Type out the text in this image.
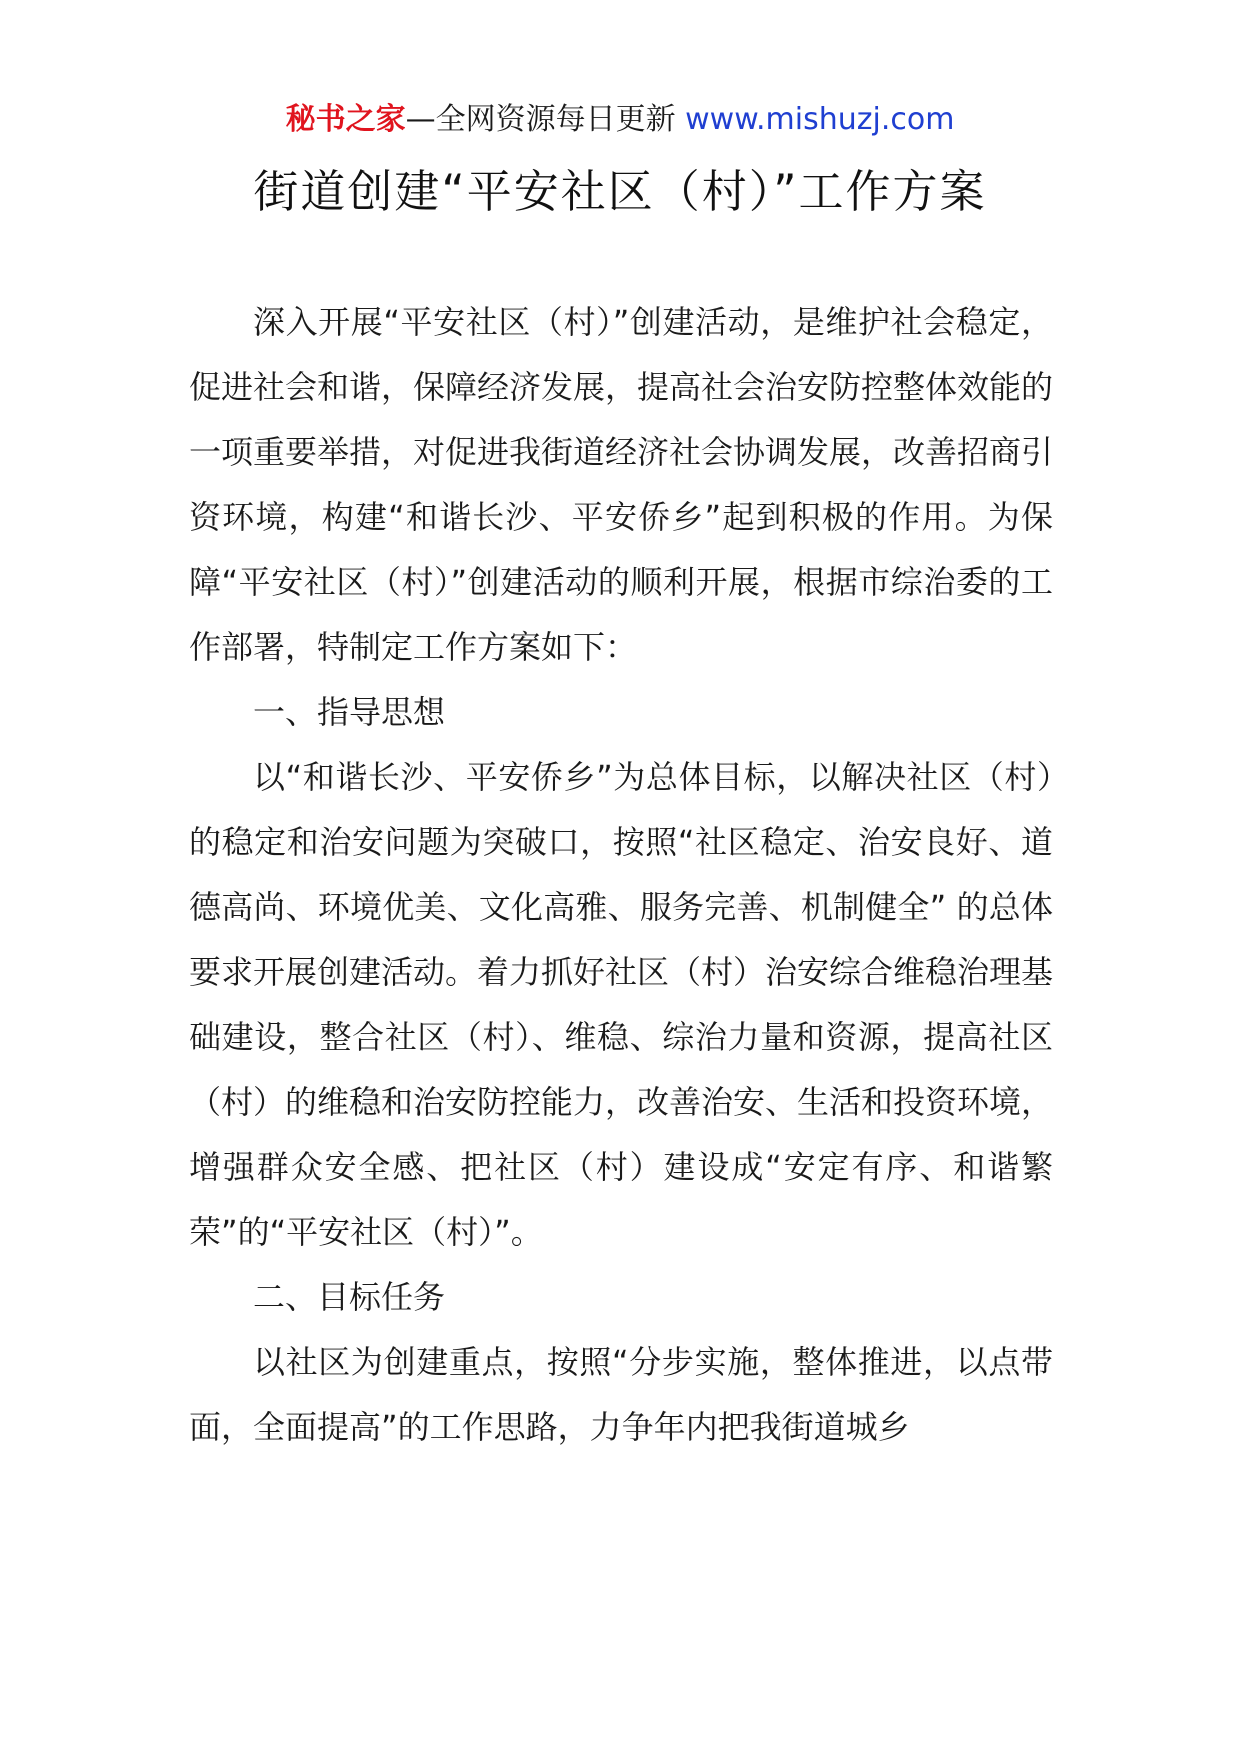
秘书之家—全网资源每日更新 www.mishuzj.com
街道创建“平安社区（村）”工作方案

深入开展“平安社区（村）”创建活动，是维护社会稳定，促进社会和谐，保障经济发展，提高社会治安防控整体效能的一项重要举措，对促进我街道经济社会协调发展，改善招商引资环境，构建“和谐长沙、平安侨乡”起到积极的作用。为保障“平安社区（村）”创建活动的顺利开展，根据市综治委的工作部署，特制定工作方案如下：

一、指导思想

以“和谐长沙、平安侨乡”为总体目标，以解决社区（村）的稳定和治安问题为突破口，按照“社区稳定、治安良好、道德高尚、环境优美、文化高雅、服务完善、机制健全” 的总体要求开展创建活动。着力抓好社区（村）治安综合维稳治理基础建设，整合社区（村）、维稳、综治力量和资源，提高社区（村）的维稳和治安防控能力，改善治安、生活和投资环境，增强群众安全感、把社区（村）建设成“安定有序、和谐繁荣”的“平安社区（村）”。

二、目标任务

以社区为创建重点，按照“分步实施，整体推进，以点带面，全面提高”的工作思路，力争年内把我街道城乡
